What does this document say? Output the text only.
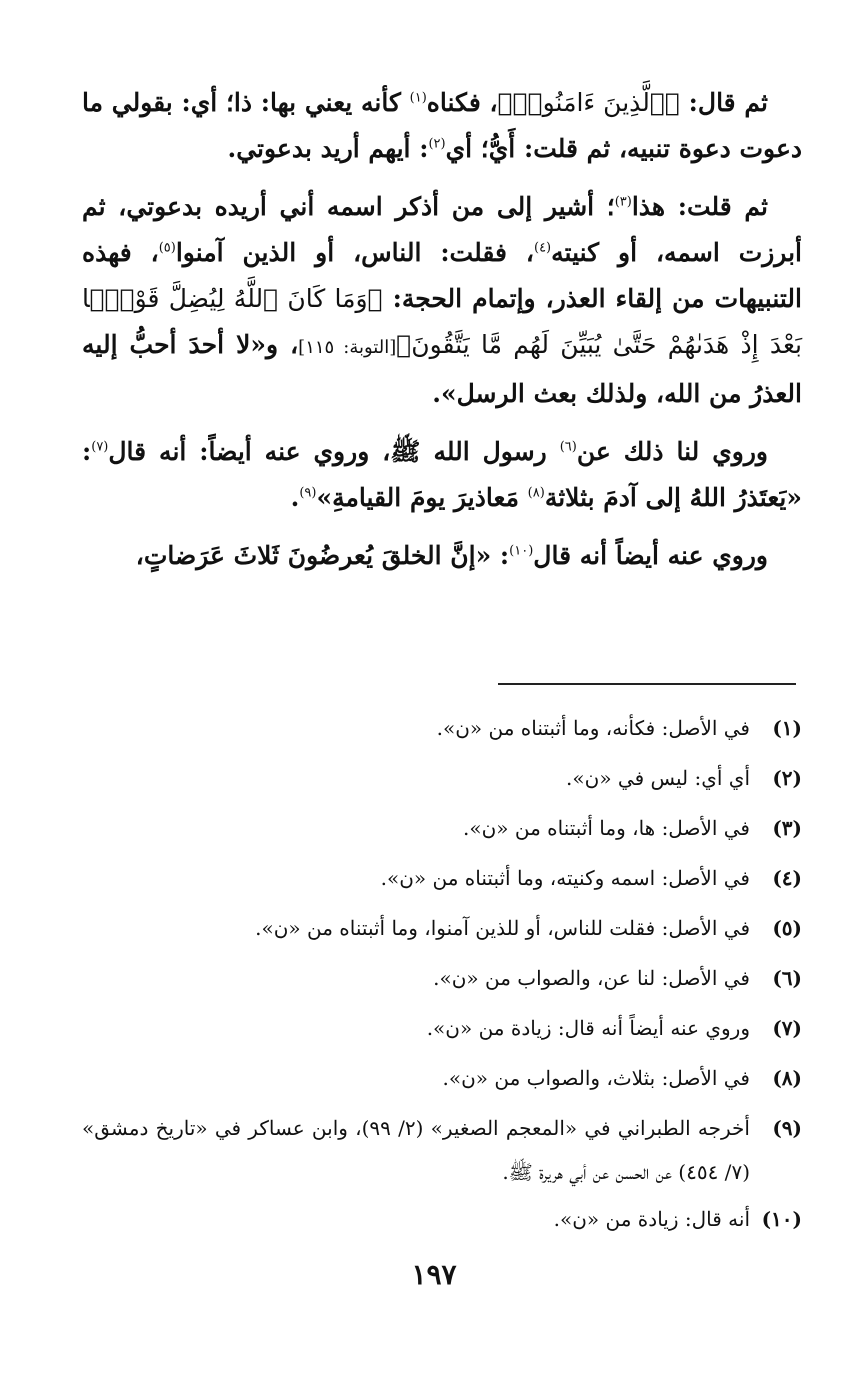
ثم قال: ﴿ٱلَّذِينَ ءَامَنُوا۟﴾، فكناه$^{(١)}$ كأنه يعني بها: ذا؛ أي: بقولي ما دعوت دعوة تنبيه، ثم قلت: أَيُّ؛ أي$^{(٢)}$: أيهم أريد بدعوتي.

ثم قلت: هذا$^{(٣)}$؛ أشير إلى من أذكر اسمه أني أريده بدعوتي، ثم أبرزت اسمه، أو كنيته$^{(٤)}$، فقلت: الناس، أو الذين آمنوا$^{(٥)}$، فهذه التنبيهات من إلقاء العذر، وإتمام الحجة: ﴿وَمَا كَانَ ٱللَّهُ لِيُضِلَّ قَوْمًۢا بَعْدَ إِذْ هَدَىٰهُمْ حَتَّىٰ يُبَيِّنَ لَهُم مَّا يَتَّقُونَ﴾[التوبة: ١١٥]، و«لا أحدَ أحبُّ إليه العذرُ من الله، ولذلك بعث الرسل».

وروي لنا ذلك عن$^{(٦)}$ رسول الله ﷺ، وروي عنه أيضاً: أنه قال$^{(٧)}$: «يَعتَذرُ اللهُ إلى آدمَ بثلاثة$^{(٨)}$ مَعاذيرَ يومَ القيامةِ»$^{(٩)}$.

وروي عنه أيضاً أنه قال$^{(١٠)}$: «إنَّ الخلقَ يُعرضُونَ ثَلاثَ عَرَضاتٍ،

(١)
في الأصل: فكأنه، وما أثبتناه من «ن».
(٢)
أي أي: ليس في «ن».
(٣)
في الأصل: ها، وما أثبتناه من «ن».
(٤)
في الأصل: اسمه وكنيته، وما أثبتناه من «ن».
(٥)
في الأصل: فقلت للناس، أو للذين آمنوا، وما أثبتناه من «ن».
(٦)
في الأصل: لنا عن، والصواب من «ن».
(٧)
وروي عنه أيضاً أنه قال: زيادة من «ن».
(٨)
في الأصل: بثلاث، والصواب من «ن».
(٩)
أخرجه الطبراني في «المعجم الصغير» (٢/ ٩٩)، وابن عساكر في «تاريخ دمشق» (٧/ ٤٥٤) عن الحسن عن أبي هريرة ﷺ.
(١٠)
أنه قال: زيادة من «ن».
١٩٧
